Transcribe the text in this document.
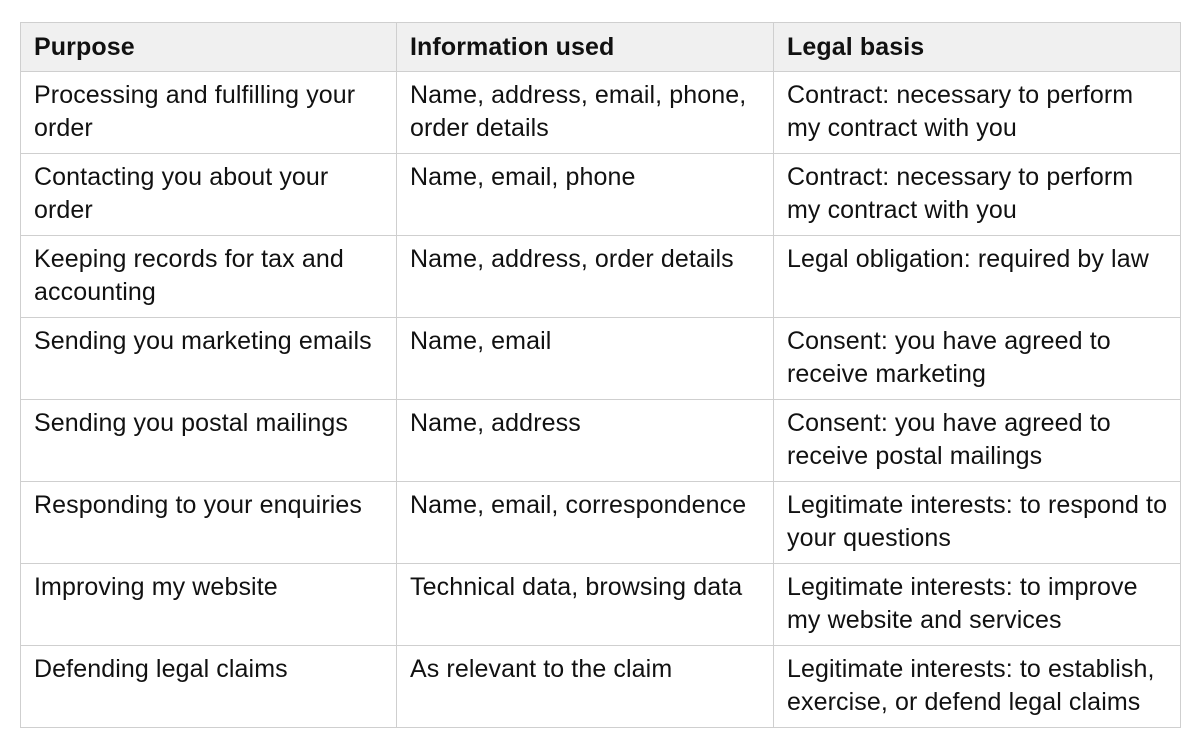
Purpose	Information used	Legal basis
Processing and fulfilling your order	Name, address, email, phone, order details	Contract: necessary to perform my contract with you
Contacting you about your order	Name, email, phone	Contract: necessary to perform my contract with you
Keeping records for tax and accounting	Name, address, order details	Legal obligation: required by law
Sending you marketing emails	Name, email	Consent: you have agreed to receive marketing
Sending you postal mailings	Name, address	Consent: you have agreed to receive postal mailings
Responding to your enquiries	Name, email, correspondence	Legitimate interests: to respond to your questions
Improving my website	Technical data, browsing data	Legitimate interests: to improve my website and services
Defending legal claims	As relevant to the claim	Legitimate interests: to establish, exercise, or defend legal claims
